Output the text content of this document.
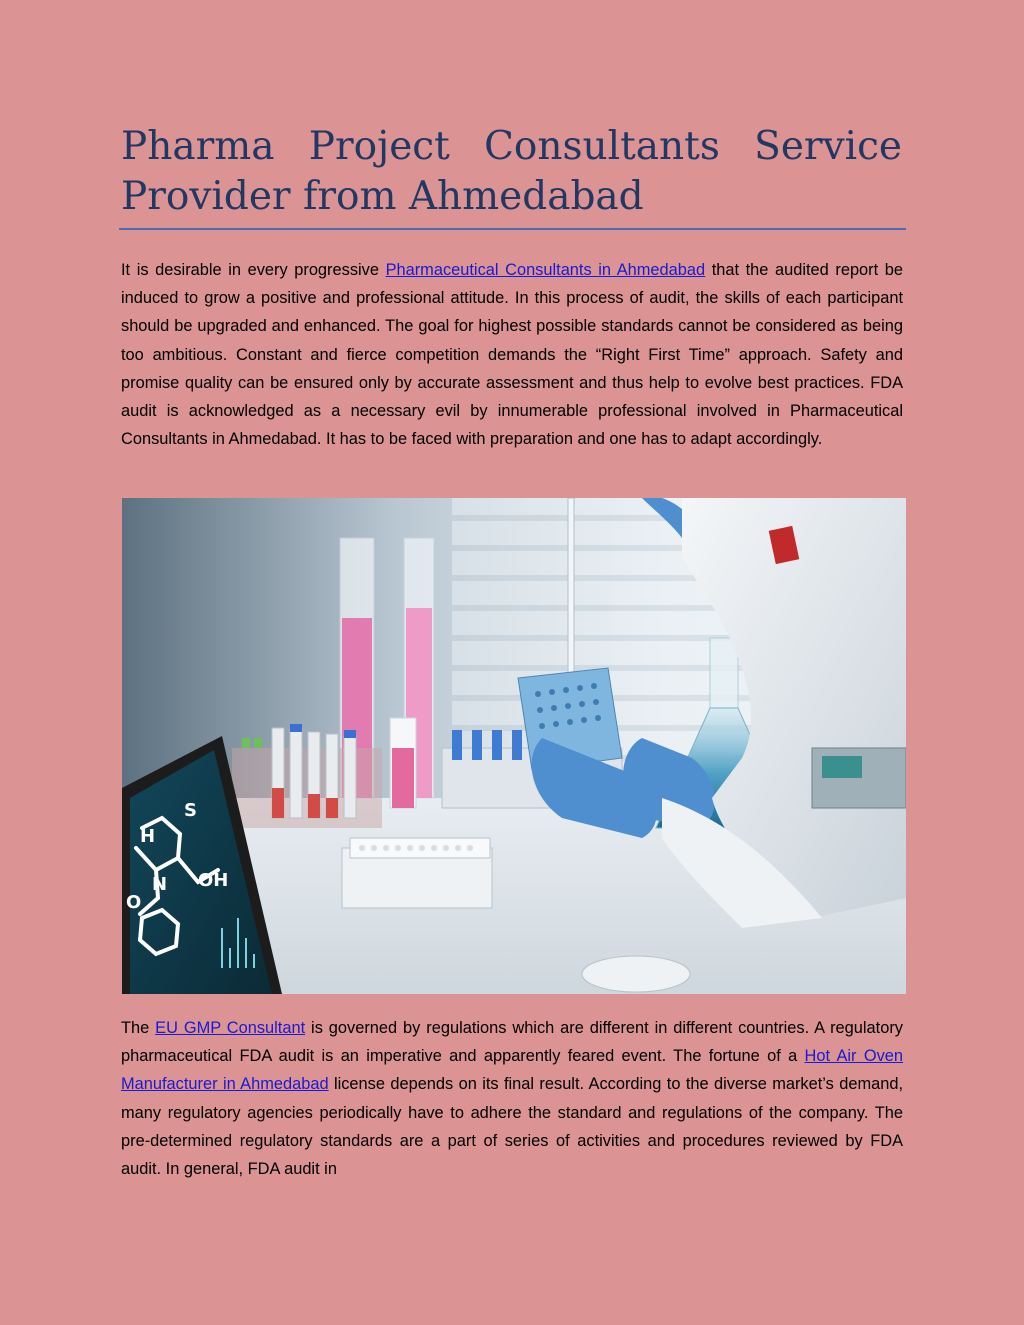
Pharma Project Consultants Service Provider from Ahmedabad

It is desirable in every progressive Pharmaceutical Consultants in Ahmedabad that the audited report be induced to grow a positive and professional attitude. In this process of audit, the skills of each participant should be upgraded and enhanced. The goal for highest possible standards cannot be considered as being too ambitious. Constant and fierce competition demands the “Right First Time” approach. Safety and promise quality can be ensured only by accurate assessment and thus help to evolve best practices. FDA audit is acknowledged as a necessary evil by innumerable professional involved in Pharmaceutical Consultants in Ahmedabad. It has to be faced with preparation and one has to adapt accordingly.

H
S
N OH
O

The EU GMP Consultant is governed by regulations which are different in different countries. A regulatory pharmaceutical FDA audit is an imperative and apparently feared event. The fortune of a Hot Air Oven Manufacturer in Ahmedabad license depends on its final result. According to the diverse market’s demand, many regulatory agencies periodically have to adhere the standard and regulations of the company. The pre-determined regulatory standards are a part of series of activities and procedures reviewed by FDA audit. In general, FDA audit in
